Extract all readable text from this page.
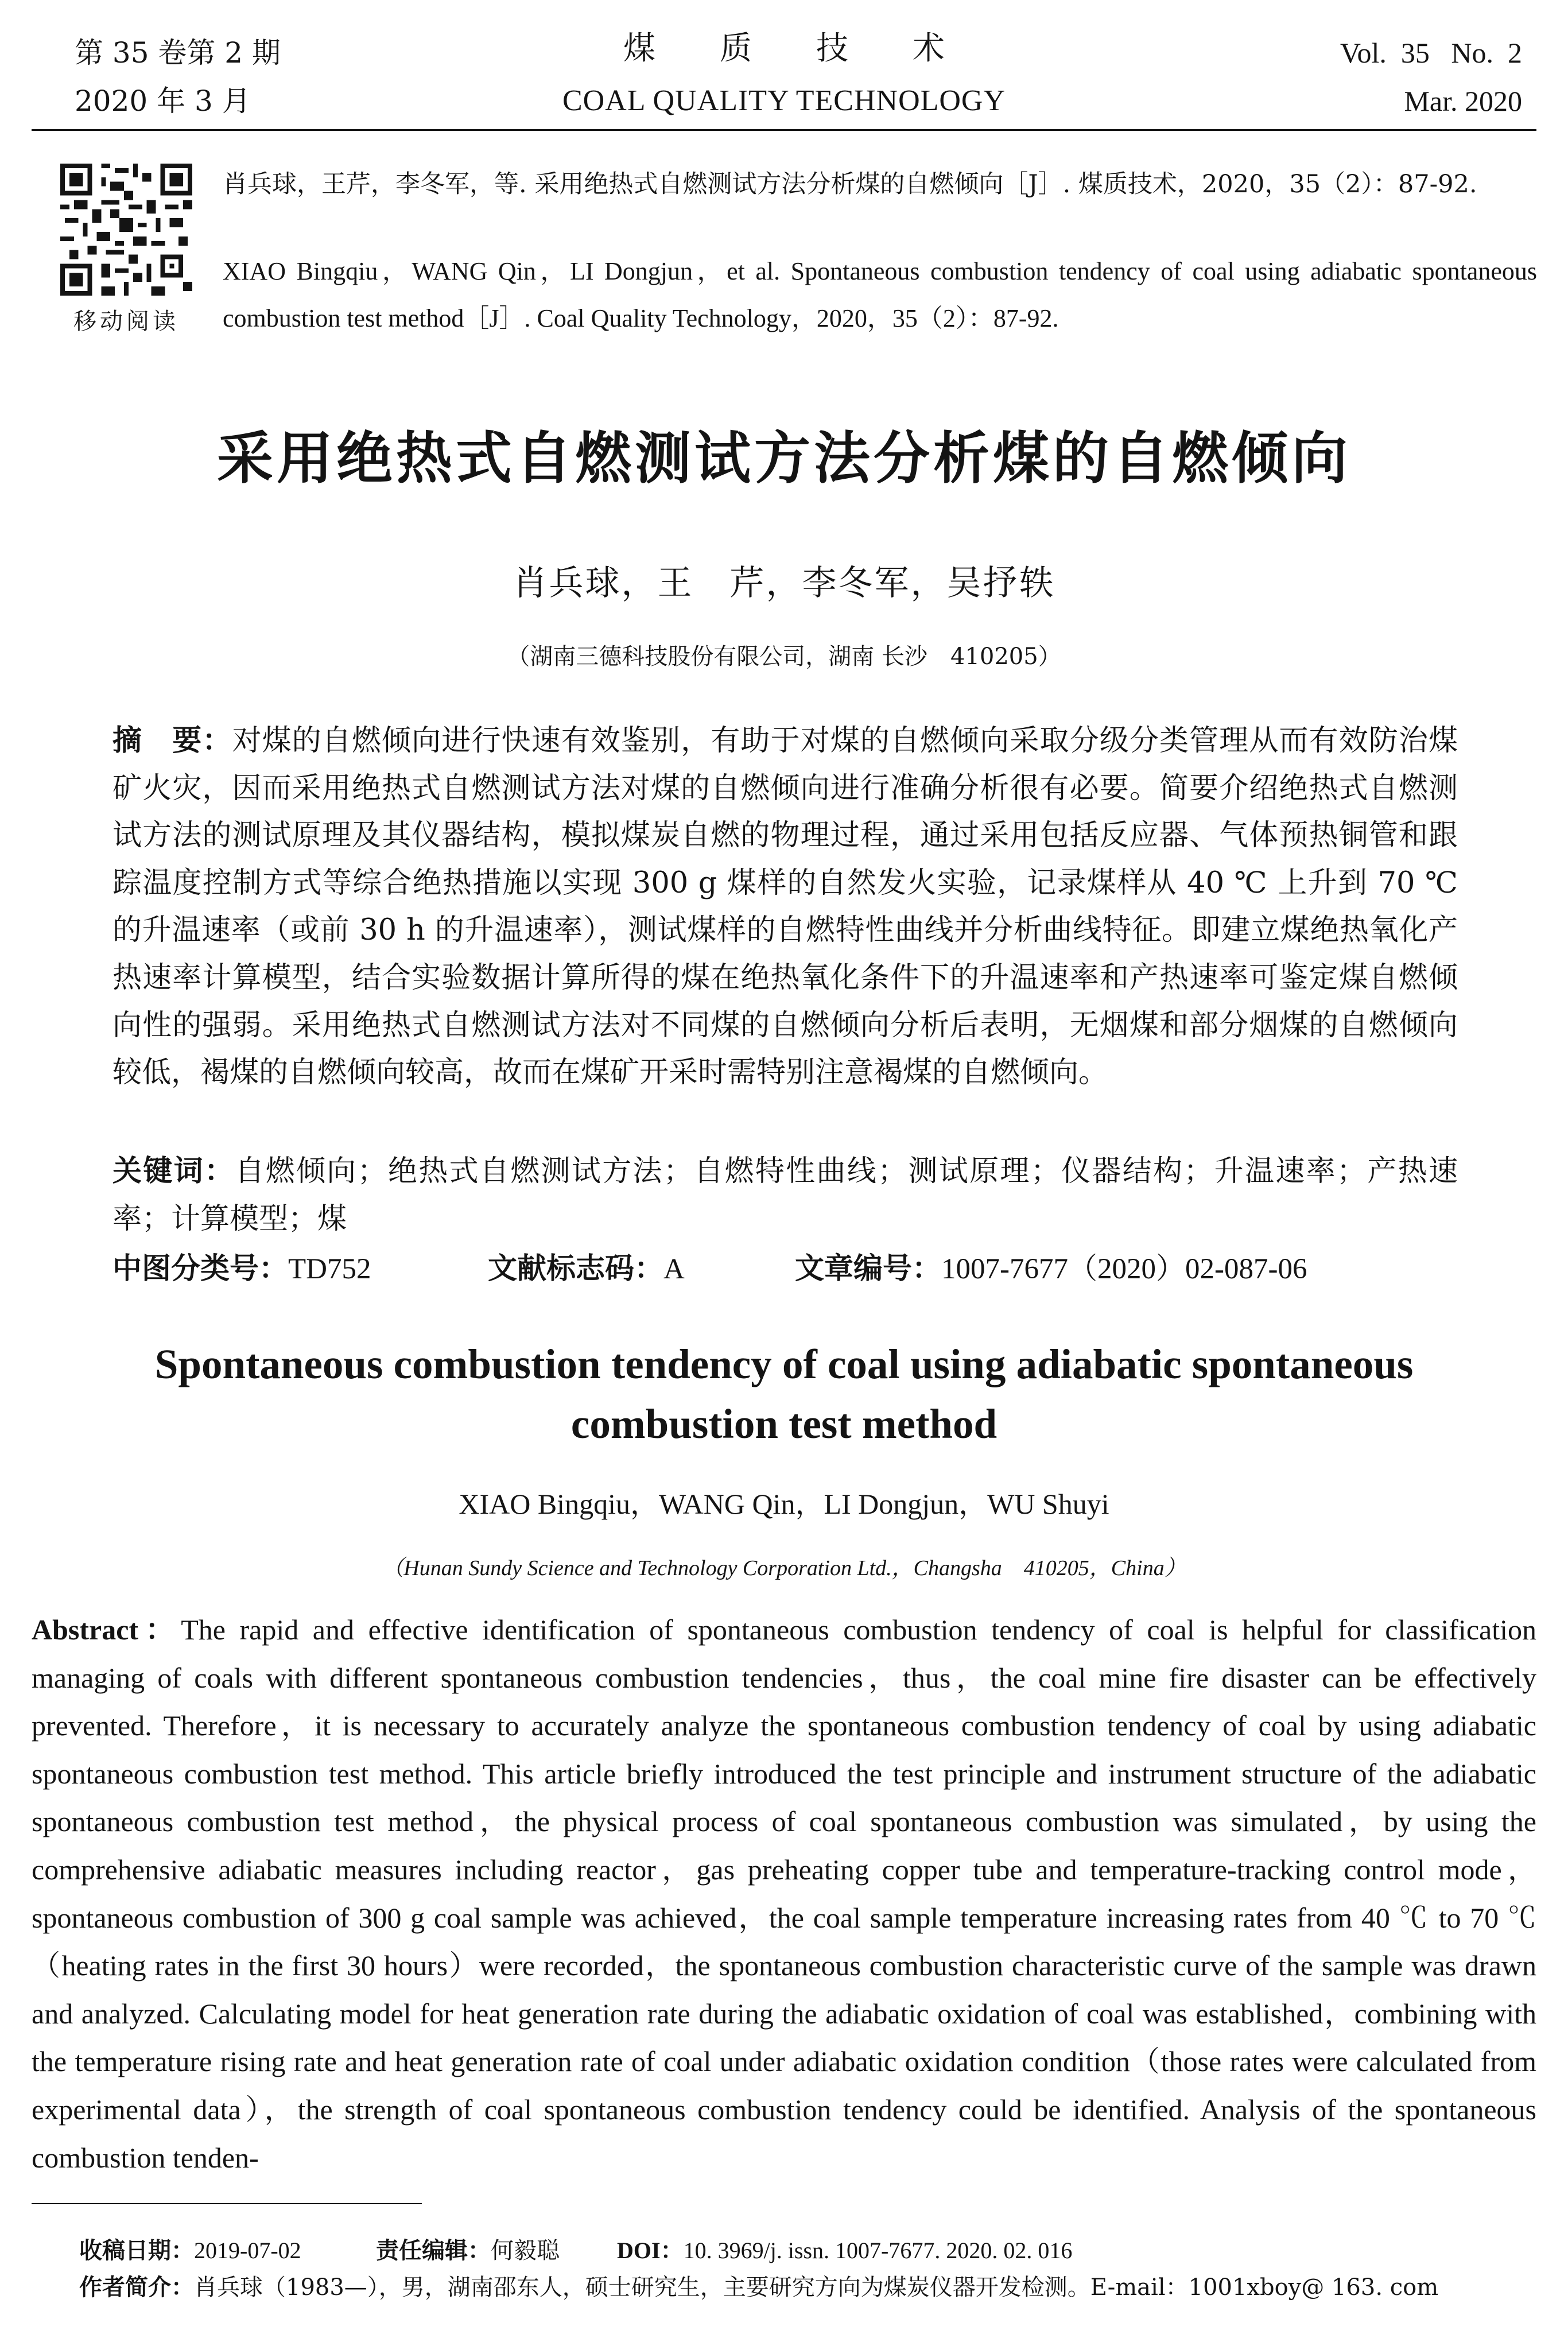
第 35 卷第 2 期
2020 年 3 月
煤　　质　　技　　术
COAL QUALITY TECHNOLOGY
Vol.  35   No.  2
Mar. 2020
移动阅读
肖兵球，王芹，李冬军，等. 采用绝热式自燃测试方法分析煤的自燃倾向［J］. 煤质技术，2020，35（2）：87-92.
XIAO Bingqiu，WANG Qin，LI Dongjun，et al. Spontaneous combustion tendency of coal using adiabatic spontaneous combustion test method［J］. Coal Quality Technology，2020，35（2）：87-92.
采用绝热式自燃测试方法分析煤的自燃倾向
肖兵球，王　芹，李冬军，吴抒轶
（湖南三德科技股份有限公司，湖南 长沙　410205）
摘　要：对煤的自燃倾向进行快速有效鉴别，有助于对煤的自燃倾向采取分级分类管理从而有效防治煤矿火灾，因而采用绝热式自燃测试方法对煤的自燃倾向进行准确分析很有必要。简要介绍绝热式自燃测试方法的测试原理及其仪器结构，模拟煤炭自燃的物理过程，通过采用包括反应器、气体预热铜管和跟踪温度控制方式等综合绝热措施以实现 300 g 煤样的自然发火实验，记录煤样从 40 ℃ 上升到 70 ℃ 的升温速率（或前 30 h 的升温速率），测试煤样的自燃特性曲线并分析曲线特征。即建立煤绝热氧化产热速率计算模型，结合实验数据计算所得的煤在绝热氧化条件下的升温速率和产热速率可鉴定煤自燃倾向性的强弱。采用绝热式自燃测试方法对不同煤的自燃倾向分析后表明，无烟煤和部分烟煤的自燃倾向较低，褐煤的自燃倾向较高，故而在煤矿开采时需特别注意褐煤的自燃倾向。
关键词：自燃倾向；绝热式自燃测试方法；自燃特性曲线；测试原理；仪器结构；升温速率；产热速率；计算模型；煤
中图分类号：TD752	文献标志码：A	文章编号：1007-7677（2020）02-087-06
Spontaneous combustion tendency of coal using adiabatic spontaneous combustion test method
XIAO Bingqiu，WANG Qin，LI Dongjun，WU Shuyi
（Hunan Sundy Science and Technology Corporation Ltd.，Changsha　410205，China）
Abstract：The rapid and effective identification of spontaneous combustion tendency of coal is helpful for classification managing of coals with different spontaneous combustion tendencies，thus，the coal mine fire disaster can be effectively prevented. Therefore，it is necessary to accurately analyze the spontaneous combustion tendency of coal by using adiabatic spontaneous combustion test method. This article briefly introduced the test principle and instrument structure of the adiabatic spontaneous combustion test method，the physical process of coal spontaneous combustion was simulated，by using the comprehensive adiabatic measures including reactor，gas preheating copper tube and temperature-tracking control mode，spontaneous combustion of 300 g coal sample was achieved，the coal sample temperature increasing rates from 40 ℃ to 70 ℃（heating rates in the first 30 hours）were recorded，the spontaneous combustion characteristic curve of the sample was drawn and analyzed. Calculating model for heat generation rate during the adiabatic oxidation of coal was established，combining with the temperature rising rate and heat generation rate of coal under adiabatic oxidation condition（those rates were calculated from experimental data），the strength of coal spontaneous combustion tendency could be identified. Analysis of the spontaneous combustion tenden-
收稿日期：2019-07-02	责任编辑：何毅聪	DOI：10. 3969/j. issn. 1007-7677. 2020. 02. 016
作者简介：肖兵球（1983—），男，湖南邵东人，硕士研究生，主要研究方向为煤炭仪器开发检测。E-mail：1001xboy@ 163. com
